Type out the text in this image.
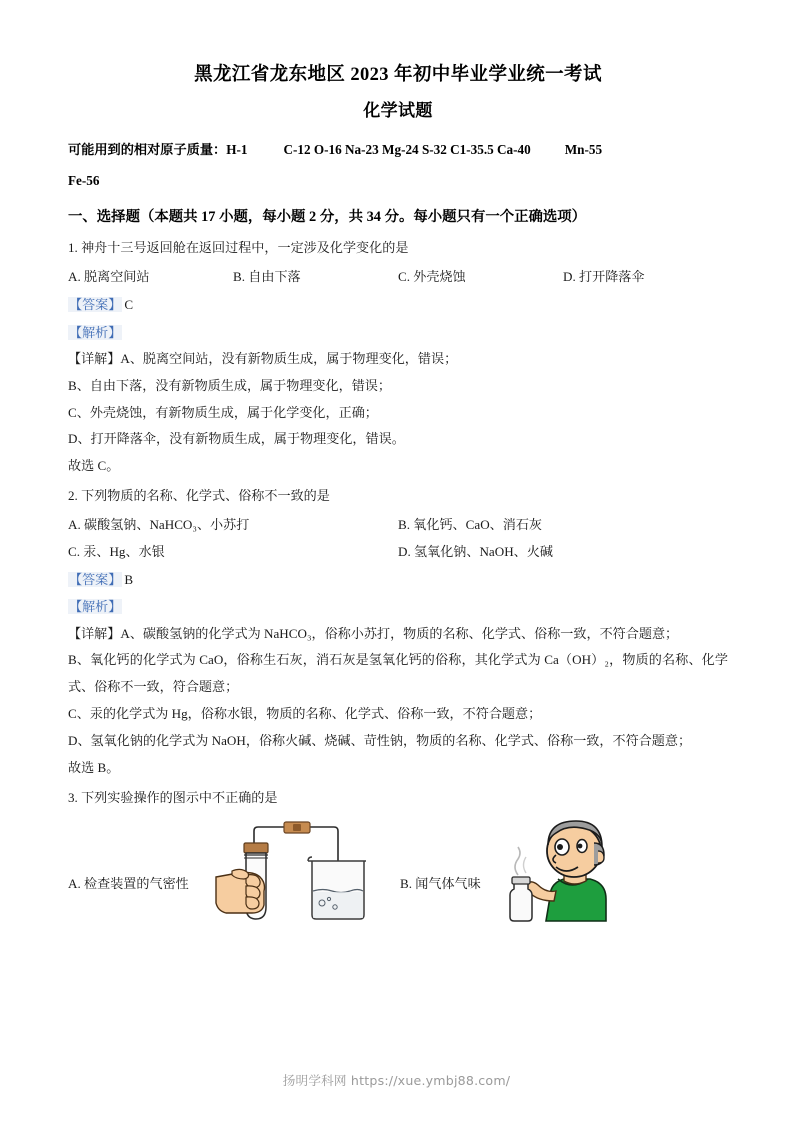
黑龙江省龙东地区 2023 年初中毕业学业统一考试
化学试题
可能用到的相对原子质量：H-1	C-12 O-16 Na-23 Mg-24 S-32 C1-35.5 Ca-40	Mn-55
Fe-56
一、选择题（本题共 17 小题，每小题 2 分，共 34 分。每小题只有一个正确选项）
1. 神舟十三号返回舱在返回过程中，一定涉及化学变化的是
A. 脱离空间站	B. 自由下落	C. 外壳烧蚀	D. 打开降落伞
【答案】 C
【解析】
【详解】A、脱离空间站，没有新物质生成，属于物理变化，错误；
B、自由下落，没有新物质生成，属于物理变化，错误；
C、外壳烧蚀，有新物质生成，属于化学变化，正确；
D、打开降落伞，没有新物质生成，属于物理变化，错误。
故选 C。
2. 下列物质的名称、化学式、俗称不一致的是
A. 碳酸氢钠、NaHCO₃、小苏打	B. 氧化钙、CaO、消石灰
C. 汞、Hg、水银	D. 氢氧化钠、NaOH、火碱
【答案】 B
【解析】
【详解】A、碳酸氢钠的化学式为 NaHCO₃，俗称小苏打，物质的名称、化学式、俗称一致，不符合题意；
B、氧化钙的化学式为 CaO，俗称生石灰，消石灰是氢氧化钙的俗称，其化学式为 Ca（OH）₂，物质的名称、化学式、俗称不一致，符合题意；
C、汞的化学式为 Hg，俗称水银，物质的名称、化学式、俗称一致，不符合题意；
D、氢氧化钠的化学式为 NaOH，俗称火碱、烧碱、苛性钠，物质的名称、化学式、俗称一致，不符合题意；
故选 B。
3. 下列实验操作的图示中不正确的是
A. 检查装置的气密性	B. 闻气体气味
扬明学科网 https://xue.ymbj88.com/
